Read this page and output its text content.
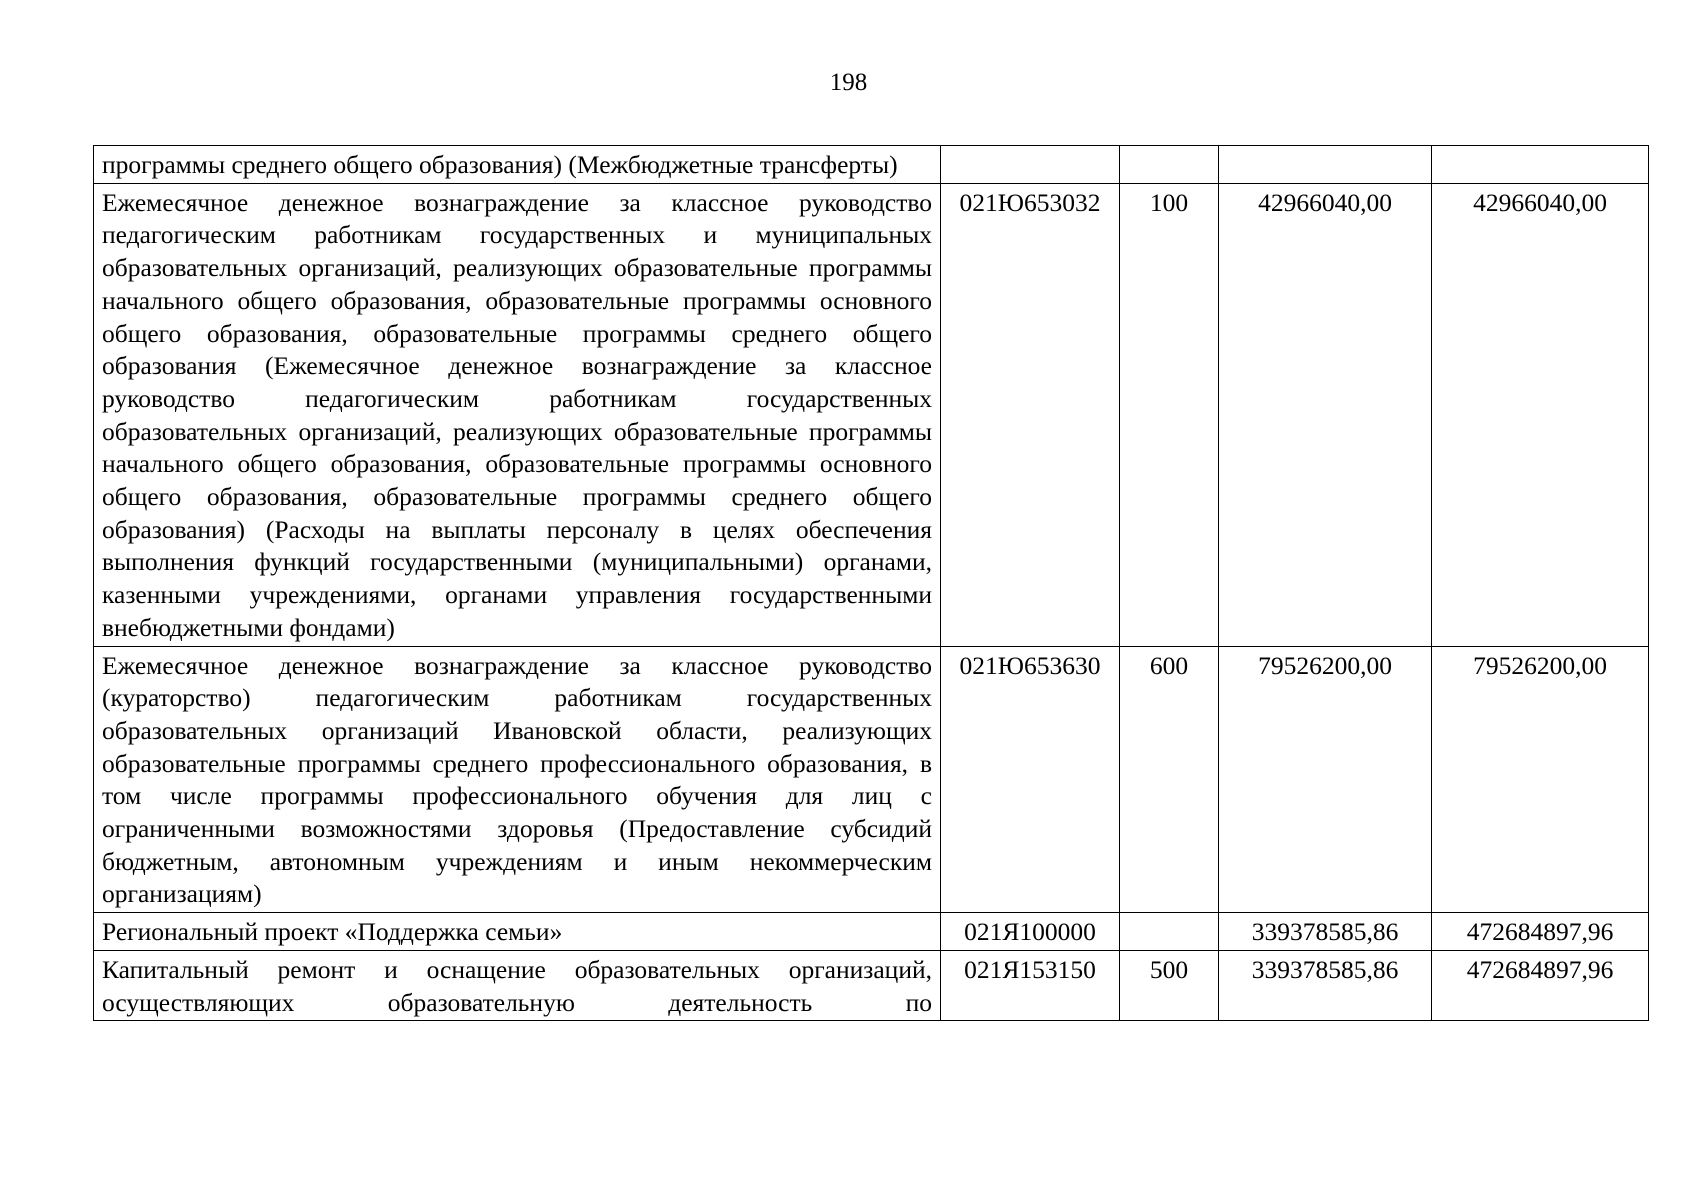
198
программы среднего общего образования) (Межбюджетные трансферты)				
Ежемесячное денежное вознаграждение за классное руководство педагогическим работникам государственных и муниципальных образовательных организаций, реализующих образовательные программы начального общего образования, образовательные программы основного общего образования, образовательные программы среднего общего образования (Ежемесячное денежное вознаграждение за классное руководство педагогическим работникам государственных образовательных организаций, реализующих образовательные программы начального общего образования, образовательные программы основного общего образования, образовательные программы среднего общего образования) (Расходы на выплаты персоналу в целях обеспечения выполнения функций государственными (муниципальными) органами, казенными учреждениями, органами управления государственными внебюджетными фондами)	021Ю653032	100	42966040,00	42966040,00
Ежемесячное денежное вознаграждение за классное руководство (кураторство) педагогическим работникам государственных образовательных организаций Ивановской области, реализующих образовательные программы среднего профессионального образования, в том числе программы профессионального обучения для лиц с ограниченными возможностями здоровья (Предоставление субсидий бюджетным, автономным учреждениям и иным некоммерческим организациям)	021Ю653630	600	79526200,00	79526200,00
Региональный проект «Поддержка семьи»	021Я100000		339378585,86	472684897,96
Капитальный ремонт и оснащение образовательных организаций, осуществляющих образовательную деятельность по	021Я153150	500	339378585,86	472684897,96
